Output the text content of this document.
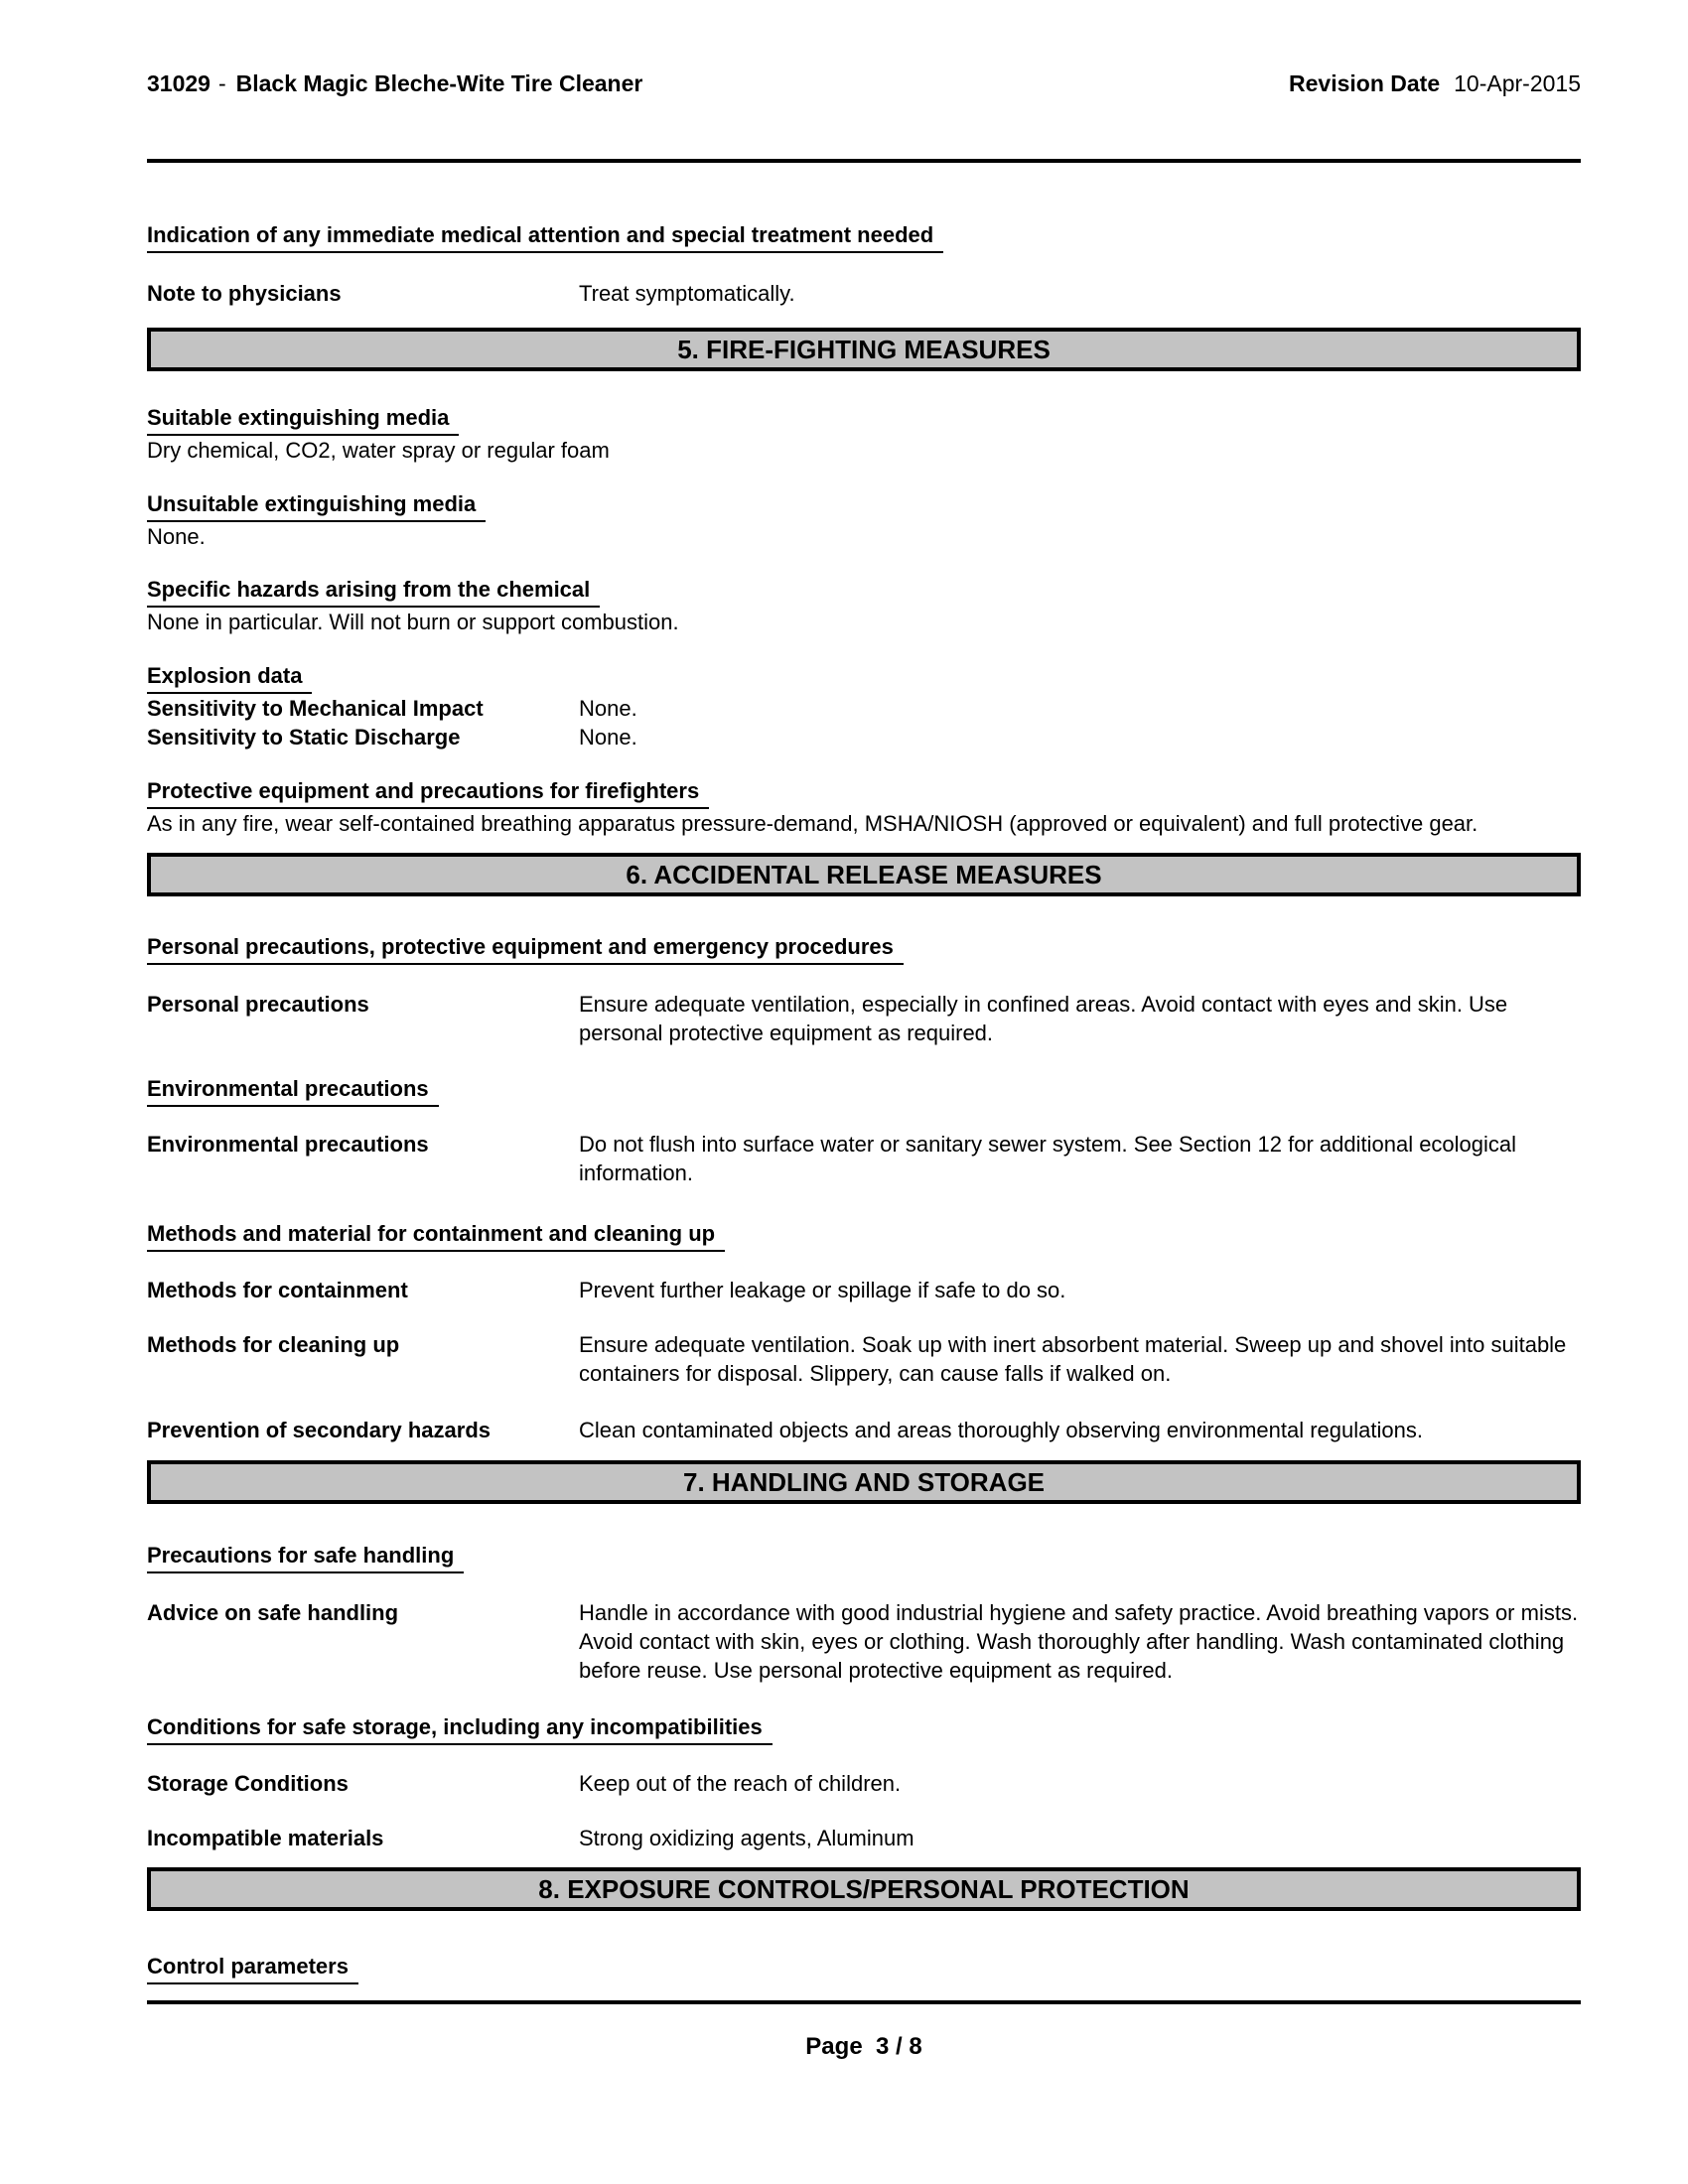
31029 - Black Magic Bleche-Wite Tire Cleaner	Revision Date 10-Apr-2015
Indication of any immediate medical attention and special treatment needed
Note to physicians	Treat symptomatically.
5. FIRE-FIGHTING MEASURES
Suitable extinguishing media
Dry chemical, CO2, water spray or regular foam
Unsuitable extinguishing media
None.
Specific hazards arising from the chemical
None in particular. Will not burn or support combustion.
Explosion data
Sensitivity to Mechanical Impact	None.
Sensitivity to Static Discharge	None.
Protective equipment and precautions for firefighters
As in any fire, wear self-contained breathing apparatus pressure-demand, MSHA/NIOSH (approved or equivalent) and full protective gear.
6. ACCIDENTAL RELEASE MEASURES
Personal precautions, protective equipment and emergency procedures
Personal precautions	Ensure adequate ventilation, especially in confined areas. Avoid contact with eyes and skin. Use personal protective equipment as required.
Environmental precautions
Environmental precautions	Do not flush into surface water or sanitary sewer system. See Section 12 for additional ecological information.
Methods and material for containment and cleaning up
Methods for containment	Prevent further leakage or spillage if safe to do so.
Methods for cleaning up	Ensure adequate ventilation. Soak up with inert absorbent material. Sweep up and shovel into suitable containers for disposal. Slippery, can cause falls if walked on.
Prevention of secondary hazards	Clean contaminated objects and areas thoroughly observing environmental regulations.
7. HANDLING AND STORAGE
Precautions for safe handling
Advice on safe handling	Handle in accordance with good industrial hygiene and safety practice. Avoid breathing vapors or mists. Avoid contact with skin, eyes or clothing. Wash thoroughly after handling. Wash contaminated clothing before reuse. Use personal protective equipment as required.
Conditions for safe storage, including any incompatibilities
Storage Conditions	Keep out of the reach of children.
Incompatible materials	Strong oxidizing agents, Aluminum
8. EXPOSURE CONTROLS/PERSONAL PROTECTION
Control parameters
Page  3 / 8
